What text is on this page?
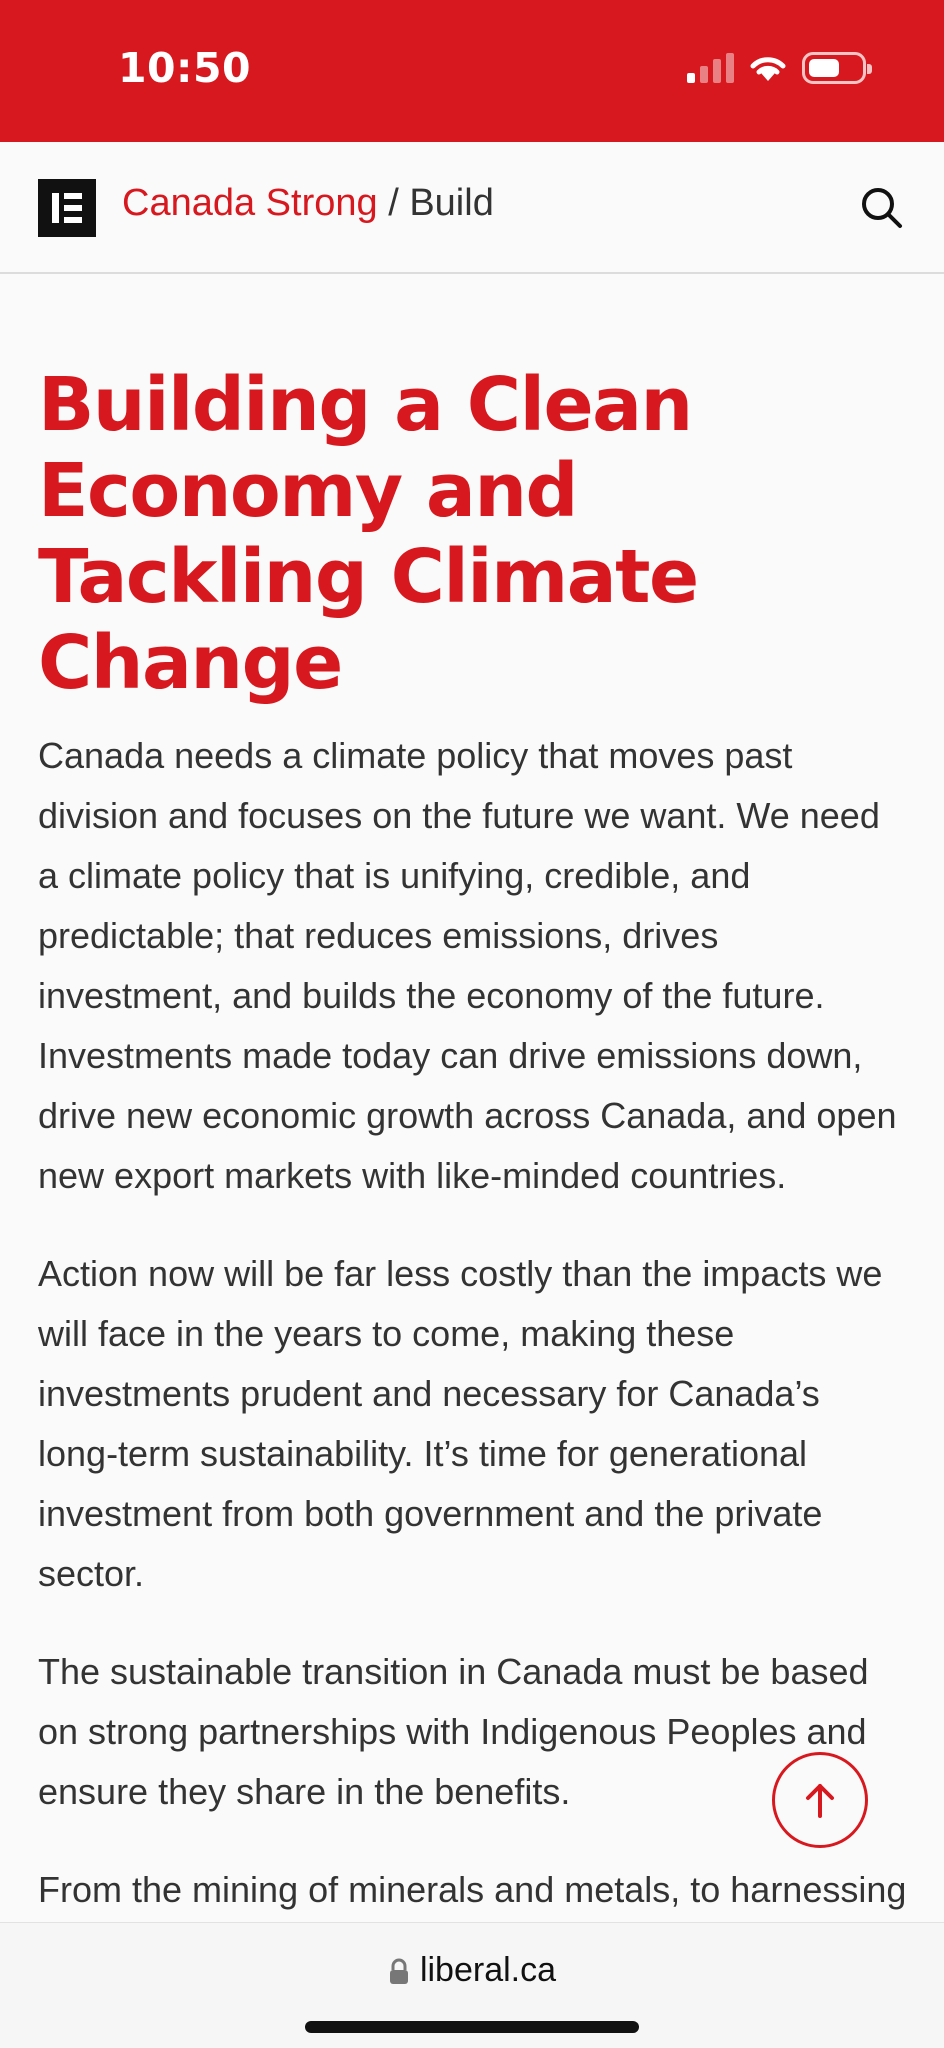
10:50
Canada Strong / Build
Building a Clean Economy and Tackling Climate Change

Canada needs a climate policy that moves past division and focuses on the future we want. We need a climate policy that is unifying, credible, and predictable; that reduces emissions, drives investment, and builds the economy of the future. Investments made today can drive emissions down, drive new economic growth across Canada, and open new export markets with like-minded countries.

Action now will be far less costly than the impacts we will face in the years to come, making these investments prudent and necessary for Canada’s long-term sustainability. It’s time for generational investment from both government and the private sector.

The sustainable transition in Canada must be based on strong partnerships with Indigenous Peoples and ensure they share in the benefits.

From the mining of minerals and metals, to harnessing

liberal.ca
